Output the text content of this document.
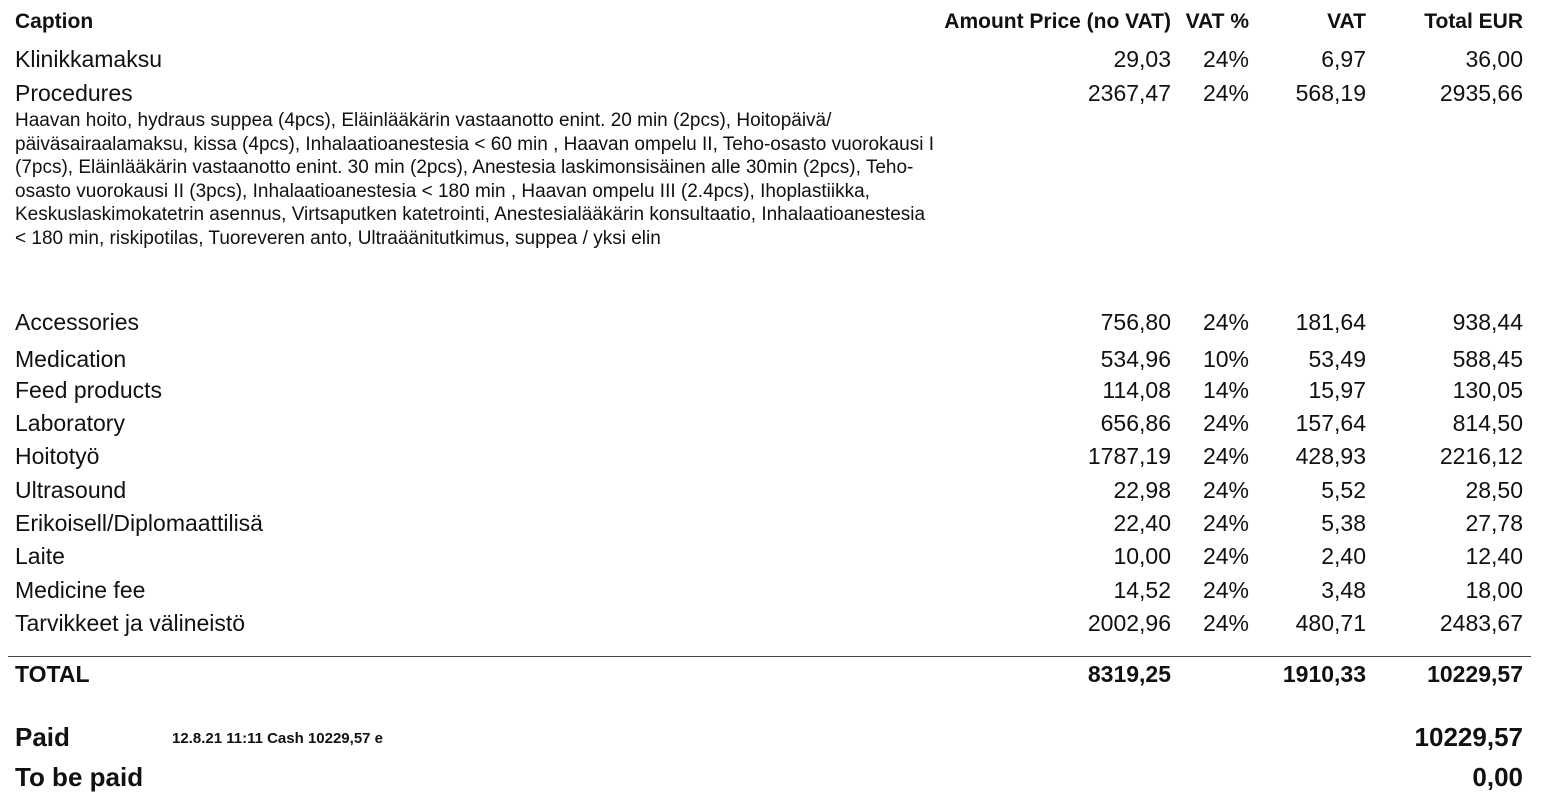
Caption	Amount Price (no VAT) VAT %	VAT	Total EUR
Klinikkamaksu	29,03 24%	6,97	36,00
Procedures	2367,47 24% 568,19	2935,66
Haavan hoito, hydraus suppea (4pcs), Eläinlääkärin vastaanotto enint. 20 min (2pcs), Hoitopäivä/ päiväsairaalamaksu, kissa (4pcs), Inhalaatioanestesia < 60 min , Haavan ompelu II, Teho-osasto vuorokausi I (7pcs), Eläinlääkärin vastaanotto enint. 30 min (2pcs), Anestesia laskimonsisäinen alle 30min (2pcs), Teho-osasto vuorokausi II (3pcs), Inhalaatioanestesia < 180 min , Haavan ompelu III (2.4pcs), Ihoplastiikka, Keskuslaskimokatetrin asennus, Virtsaputken katetrointi, Anestesialääkärin konsultaatio, Inhalaatioanestesia < 180 min, riskipotilas, Tuoreveren anto, Ultraäänitutkimus, suppea / yksi elin
Accessories	756,80 24% 181,64	938,44
Medication	534,96 10%	53,49	588,45
Feed products	114,08 14%	15,97	130,05
Laboratory	656,86 24% 157,64	814,50
Hoitotyö	1787,19 24% 428,93	2216,12
Ultrasound	22,98 24%	5,52	28,50
Erikoisell/Diplomaattilisä	22,40 24%	5,38	27,78
Laite	10,00 24%	2,40	12,40
Medicine fee	14,52 24%	3,48	18,00
Tarvikkeet ja välineistö	2002,96 24% 480,71	2483,67
TOTAL	8319,25	1910,33	10229,57
Paid	12.8.21 11:11 Cash 10229,57 e	10229,57
To be paid	0,00
